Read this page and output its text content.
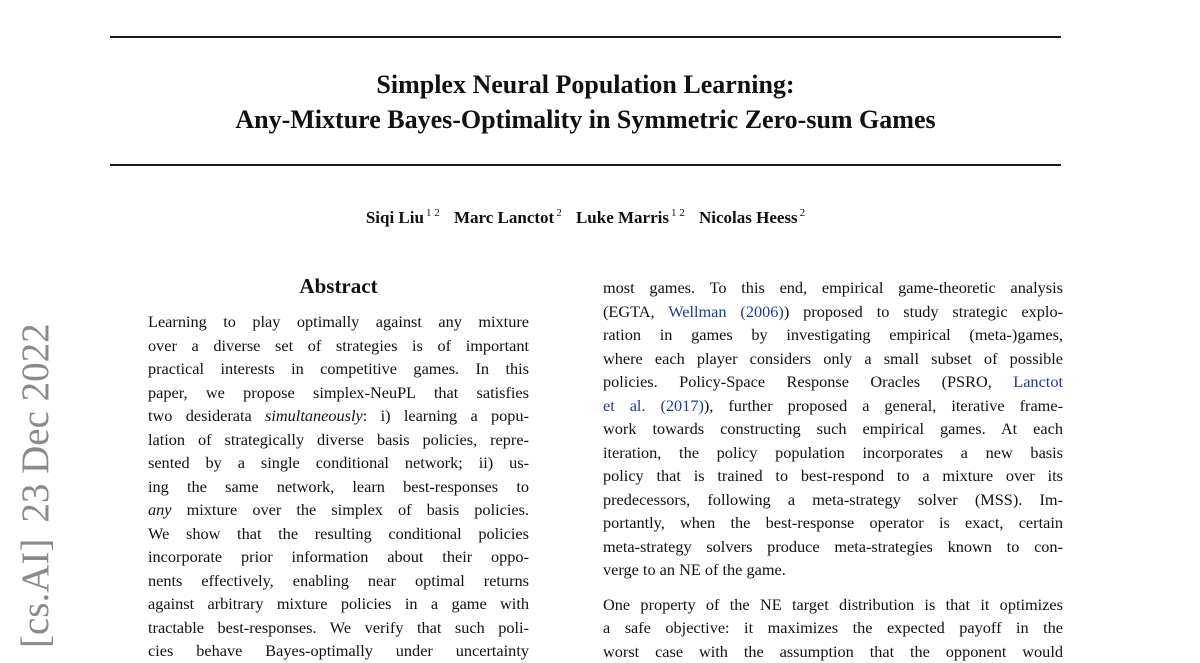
Simplex Neural Population Learning:
Any-Mixture Bayes-Optimality in Symmetric Zero-sum Games
Siqi Liu $^{1 2}$ Marc Lanctot $^2$ Luke Marris $^{1 2}$ Nicolas Heess $^2$
[cs.AI]23 Dec 2022
Abstract
Learning to play optimally against any mixture
over a diverse set of strategies is of important
practical interests in competitive games. In this
paper, we propose simplex-NeuPL that satisfies
two desiderata simultaneously: i) learning a popu-
lation of strategically diverse basis policies, repre-
sented by a single conditional network; ii) us-
ing the same network, learn best-responses to
any mixture over the simplex of basis policies.
We show that the resulting conditional policies
incorporate prior information about their oppo-
nents effectively, enabling near optimal returns
against arbitrary mixture policies in a game with
tractable best-responses. We verify that such poli-
cies behave Bayes-optimally under uncertainty
most games. To this end, empirical game-theoretic analysis
(EGTA, Wellman (2006)) proposed to study strategic explo-
ration in games by investigating empirical (meta-)games,
where each player considers only a small subset of possible
policies. Policy-Space Response Oracles (PSRO, Lanctot
et al. (2017)), further proposed a general, iterative frame-
work towards constructing such empirical games. At each
iteration, the policy population incorporates a new basis
policy that is trained to best-respond to a mixture over its
predecessors, following a meta-strategy solver (MSS). Im-
portantly, when the best-response operator is exact, certain
meta-strategy solvers produce meta-strategies known to con-
verge to an NE of the game.
One property of the NE target distribution is that it optimizes
a safe objective: it maximizes the expected payoff in the
worst case with the assumption that the opponent would
